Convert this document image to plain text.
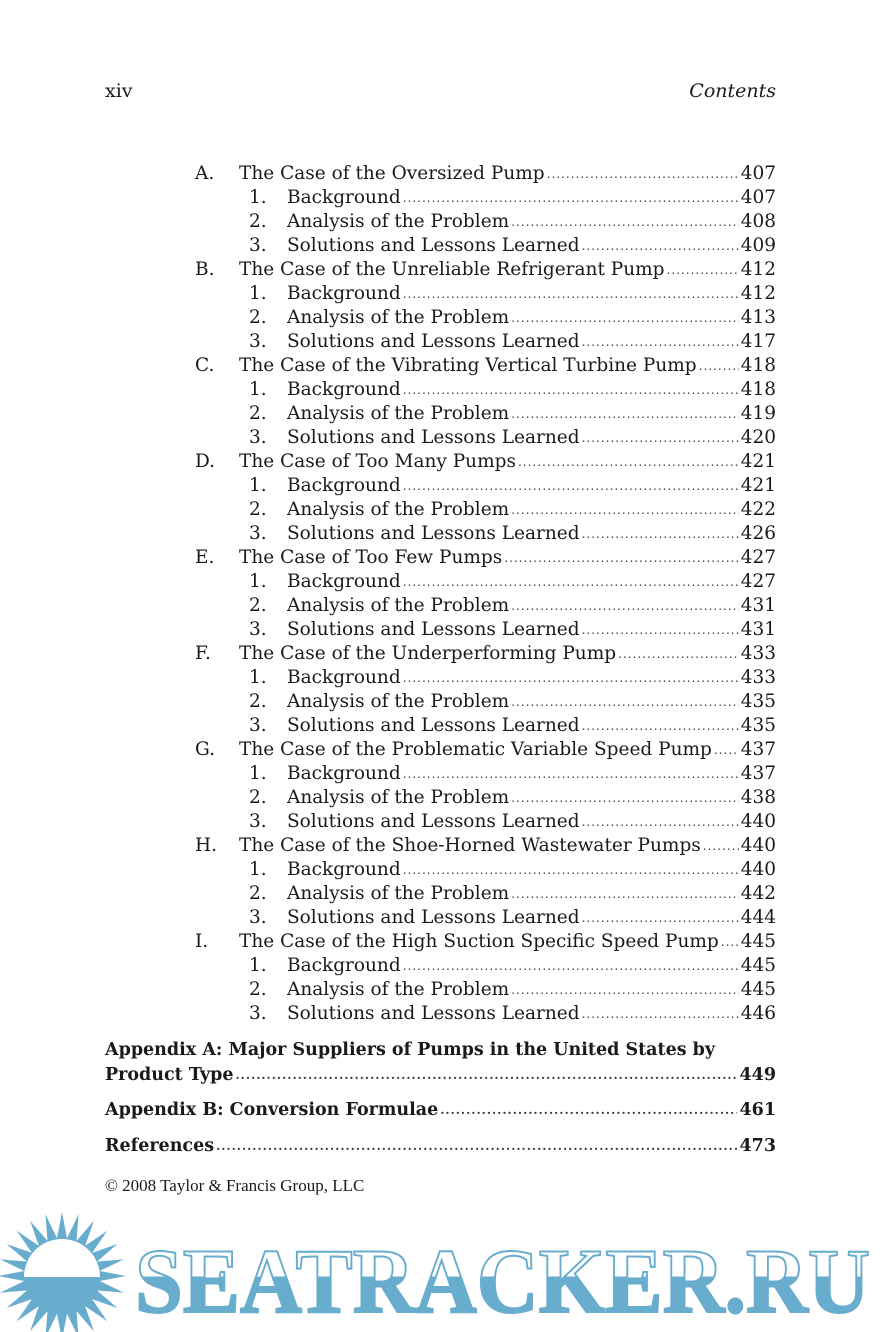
xiv	Contents
A. The Case of the Oversized Pump .....	407
1. Background .....	407
2. Analysis of the Problem .....	408
3. Solutions and Lessons Learned .....	409
B. The Case of the Unreliable Refrigerant Pump .....	412
1. Background .....	412
2. Analysis of the Problem .....	413
3. Solutions and Lessons Learned .....	417
C. The Case of the Vibrating Vertical Turbine Pump ..... 418
1. Background .....	418
2. Analysis of the Problem .....	419
3. Solutions and Lessons Learned .....	420
D. The Case of Too Many Pumps .....	421
1. Background .....	421
2. Analysis of the Problem .....	422
3. Solutions and Lessons Learned .....	426
E. The Case of Too Few Pumps .....	427
1. Background .....	427
2. Analysis of the Problem .....	431
3. Solutions and Lessons Learned .....	431
F. The Case of the Underperforming Pump .....	433
1. Background .....	433
2. Analysis of the Problem .....	435
3. Solutions and Lessons Learned .....	435
G. The Case of the Problematic Variable Speed Pump ..... 437
1. Background .....	437
2. Analysis of the Problem .....	438
3. Solutions and Lessons Learned .....	440
H. The Case of the Shoe-Horned Wastewater Pumps ..... 440
1. Background .....	440
2. Analysis of the Problem .....	442
3. Solutions and Lessons Learned .....	444
I. The Case of the High Suction Specific Speed Pump ..... 445
1. Background .....	445
2. Analysis of the Problem .....	445
3. Solutions and Lessons Learned .....	446
Appendix A: Major Suppliers of Pumps in the United States by
Product Type .....	449
Appendix B: Conversion Formulae .....	461
References .....	473
© 2008 Taylor & Francis Group, LLC
SEATRACKER.RU
